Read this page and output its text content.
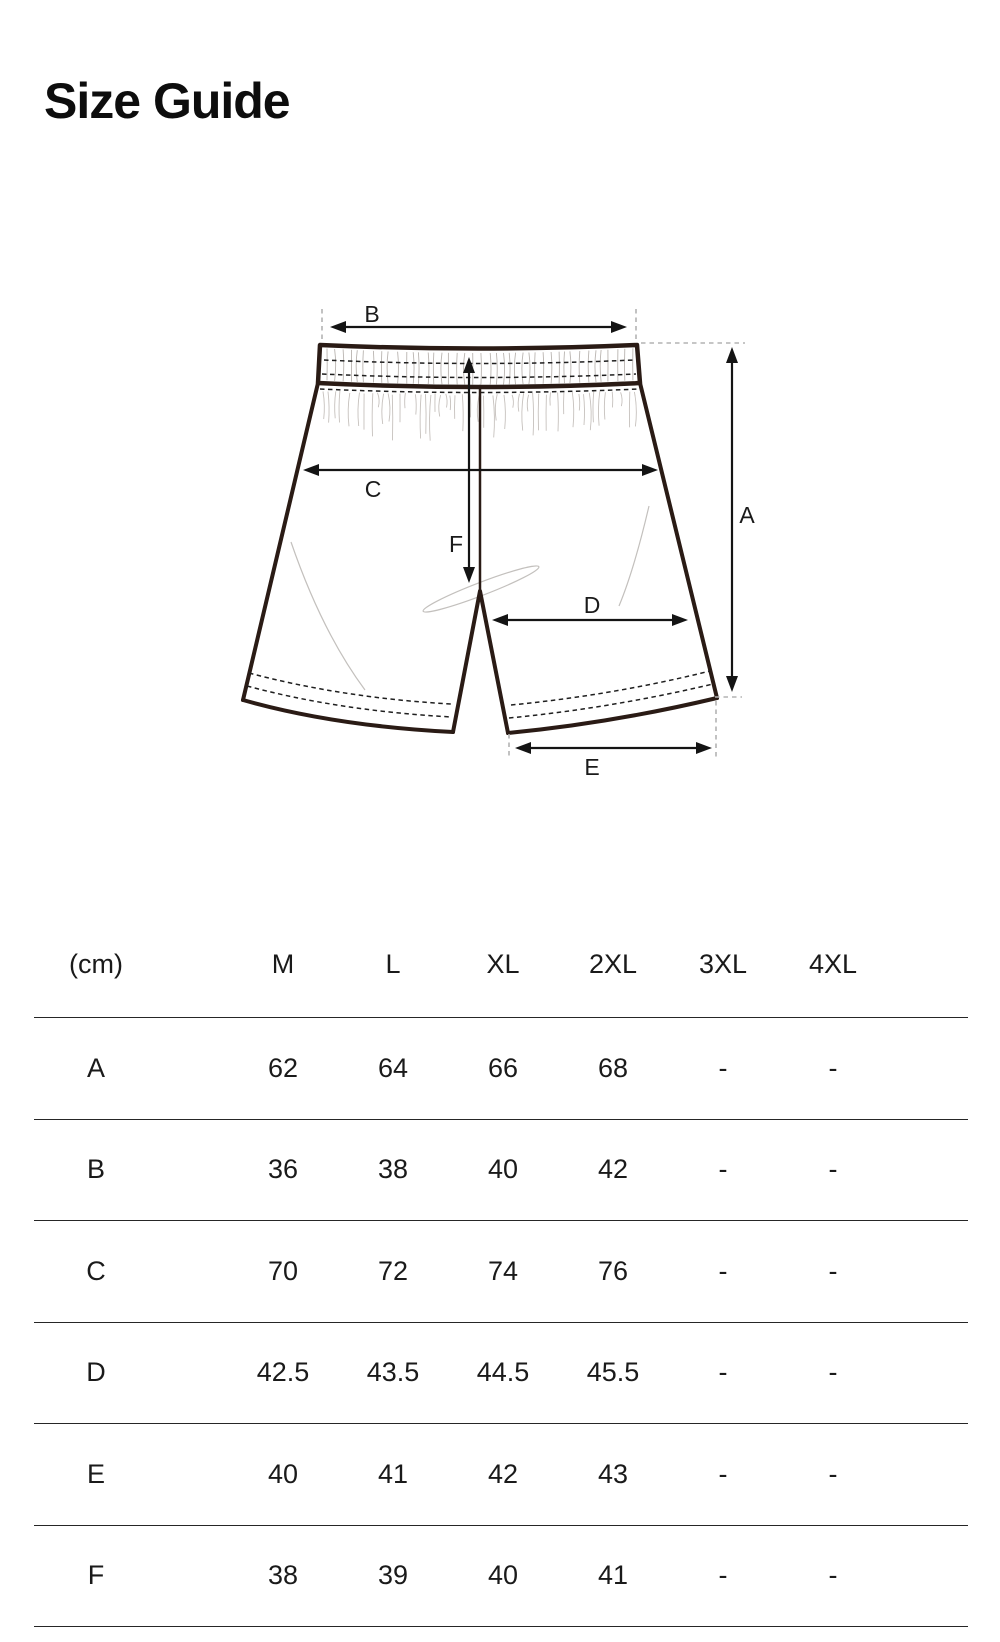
Size Guide
B
C
A
F
D
E
(cm)	M	L	XL	2XL	3XL	4XL
A	62	64	66	68	-	-
B	36	38	40	42	-	-
C	70	72	74	76	-	-
D	42.5	43.5	44.5	45.5	-	-
E	40	41	42	43	-	-
F	38	39	40	41	-	-
